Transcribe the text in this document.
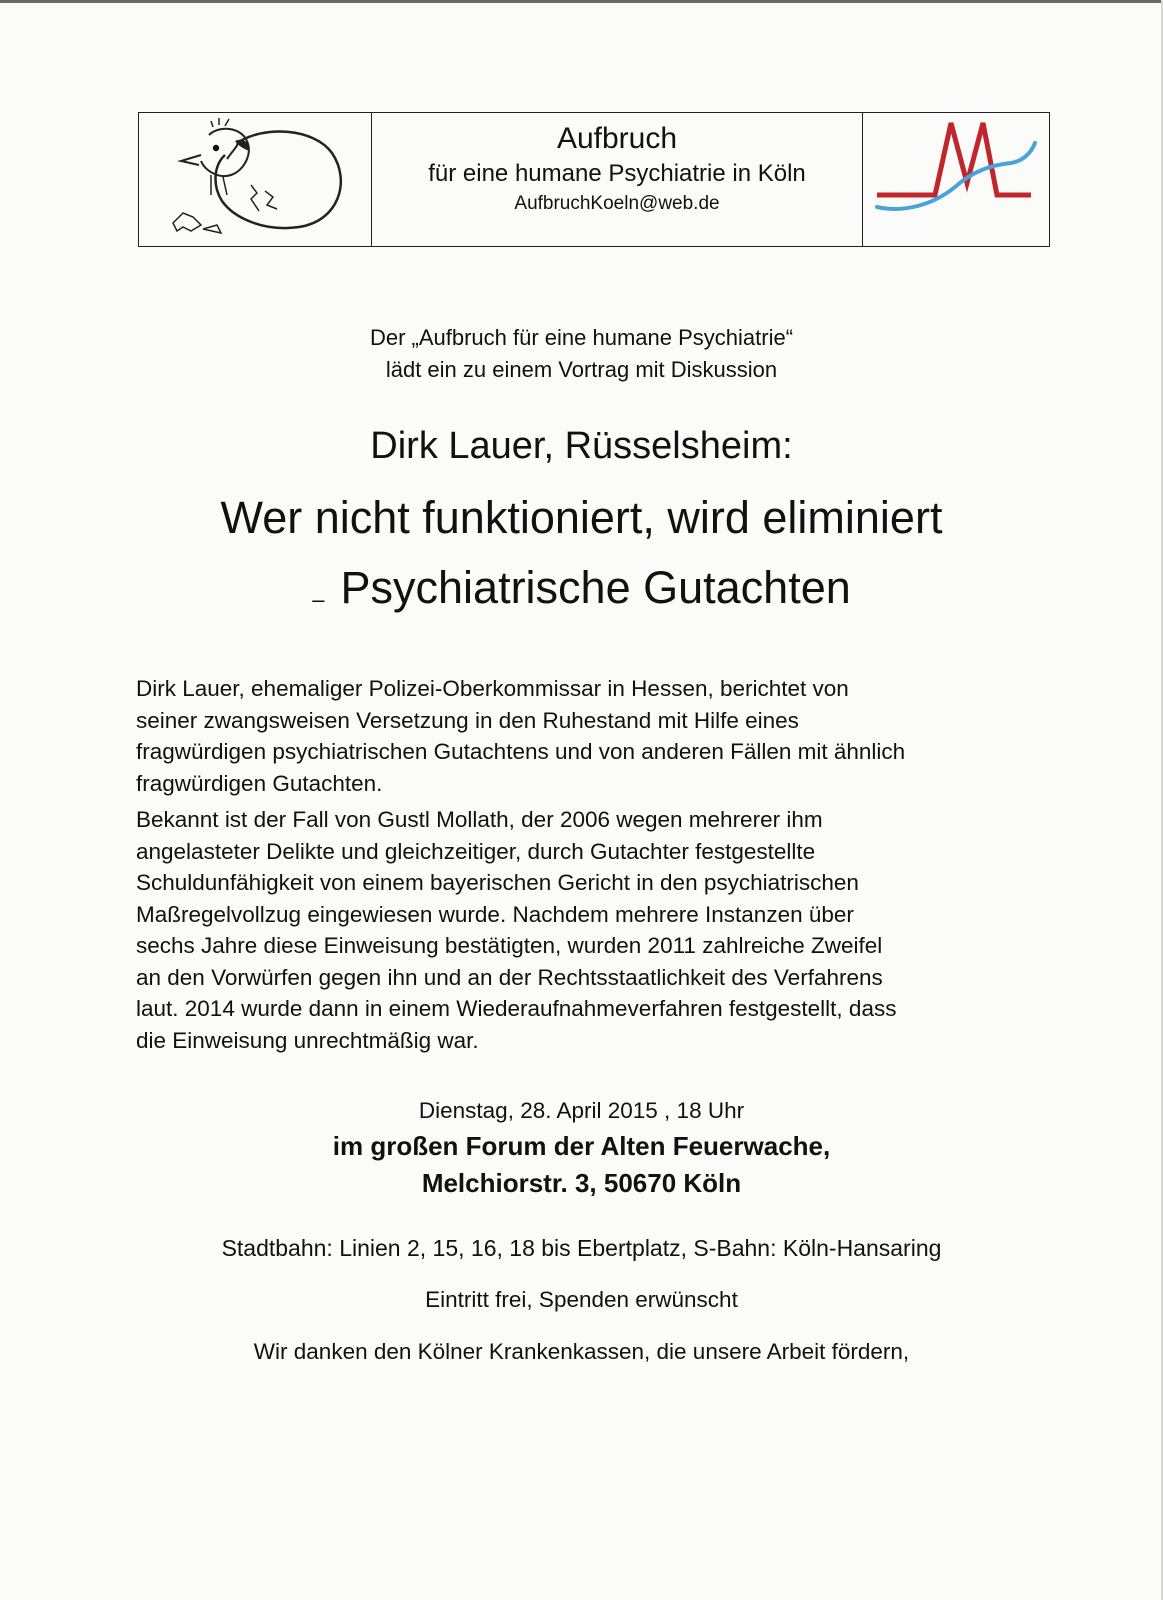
Aufbruch
für eine humane Psychiatrie in Köln
AufbruchKoeln@web.de
Der „Aufbruch für eine humane Psychiatrie“
lädt ein zu einem Vortrag mit Diskussion
Dirk Lauer, Rüsselsheim:
Wer nicht funktioniert, wird eliminiert
– Psychiatrische Gutachten
Dirk Lauer, ehemaliger Polizei-Oberkommissar in Hessen, berichtet von
seiner zwangsweisen Versetzung in den Ruhestand mit Hilfe eines
fragwürdigen psychiatrischen Gutachtens und von anderen Fällen mit ähnlich
fragwürdigen Gutachten.
Bekannt ist der Fall von Gustl Mollath, der 2006 wegen mehrerer ihm
angelasteter Delikte und gleichzeitiger, durch Gutachter festgestellte
Schuldunfähigkeit von einem bayerischen Gericht in den psychiatrischen
Maßregelvollzug eingewiesen wurde. Nachdem mehrere Instanzen über
sechs Jahre diese Einweisung bestätigten, wurden 2011 zahlreiche Zweifel
an den Vorwürfen gegen ihn und an der Rechtsstaatlichkeit des Verfahrens
laut. 2014 wurde dann in einem Wiederaufnahmeverfahren festgestellt, dass
die Einweisung unrechtmäßig war.
Dienstag, 28. April 2015 , 18 Uhr
im großen Forum der Alten Feuerwache,
Melchiorstr. 3, 50670 Köln
Stadtbahn: Linien 2, 15, 16, 18 bis Ebertplatz, S-Bahn: Köln-Hansaring
Eintritt frei, Spenden erwünscht
Wir danken den Kölner Krankenkassen, die unsere Arbeit fördern,
